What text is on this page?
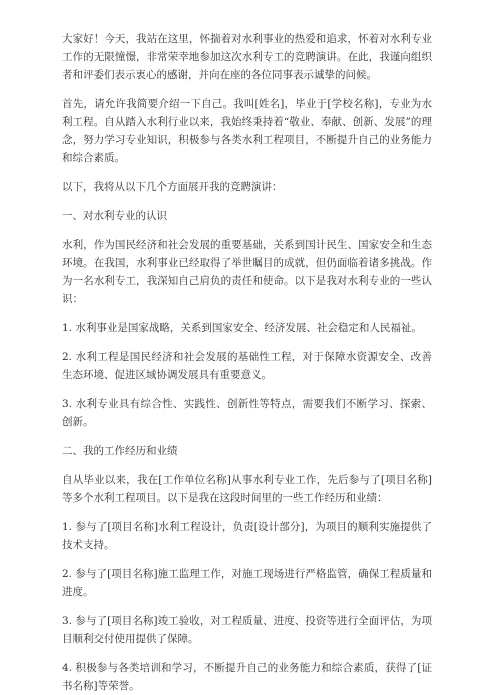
大家好！今天，我站在这里，怀揣着对水利事业的热爱和追求，怀着对水利专业工作的无限憧憬，非常荣幸地参加这次水利专工的竞聘演讲。在此，我谨向组织者和评委们表示衷心的感谢，并向在座的各位同事表示诚挚的问候。

首先，请允许我简要介绍一下自己。我叫[姓名]，毕业于[学校名称]，专业为水利工程。自从踏入水利行业以来，我始终秉持着“敬业、奉献、创新、发展”的理念，努力学习专业知识，积极参与各类水利工程项目，不断提升自己的业务能力和综合素质。

以下，我将从以下几个方面展开我的竞聘演讲：

一、对水利专业的认识

水利，作为国民经济和社会发展的重要基础，关系到国计民生、国家安全和生态环境。在我国，水利事业已经取得了举世瞩目的成就，但仍面临着诸多挑战。作为一名水利专工，我深知自己肩负的责任和使命。以下是我对水利专业的一些认识：

1. 水利事业是国家战略，关系到国家安全、经济发展、社会稳定和人民福祉。

2. 水利工程是国民经济和社会发展的基础性工程，对于保障水资源安全、改善生态环境、促进区域协调发展具有重要意义。

3. 水利专业具有综合性、实践性、创新性等特点，需要我们不断学习、探索、创新。

二、我的工作经历和业绩

自从毕业以来，我在[工作单位名称]从事水利专业工作，先后参与了[项目名称]等多个水利工程项目。以下是我在这段时间里的一些工作经历和业绩：

1. 参与了[项目名称]水利工程设计，负责[设计部分]，为项目的顺利实施提供了技术支持。

2. 参与了[项目名称]施工监理工作，对施工现场进行严格监管，确保工程质量和进度。

3. 参与了[项目名称]竣工验收，对工程质量、进度、投资等进行全面评估，为项目顺利交付使用提供了保障。

4. 积极参与各类培训和学习，不断提升自己的业务能力和综合素质，获得了[证书名称]等荣誉。
